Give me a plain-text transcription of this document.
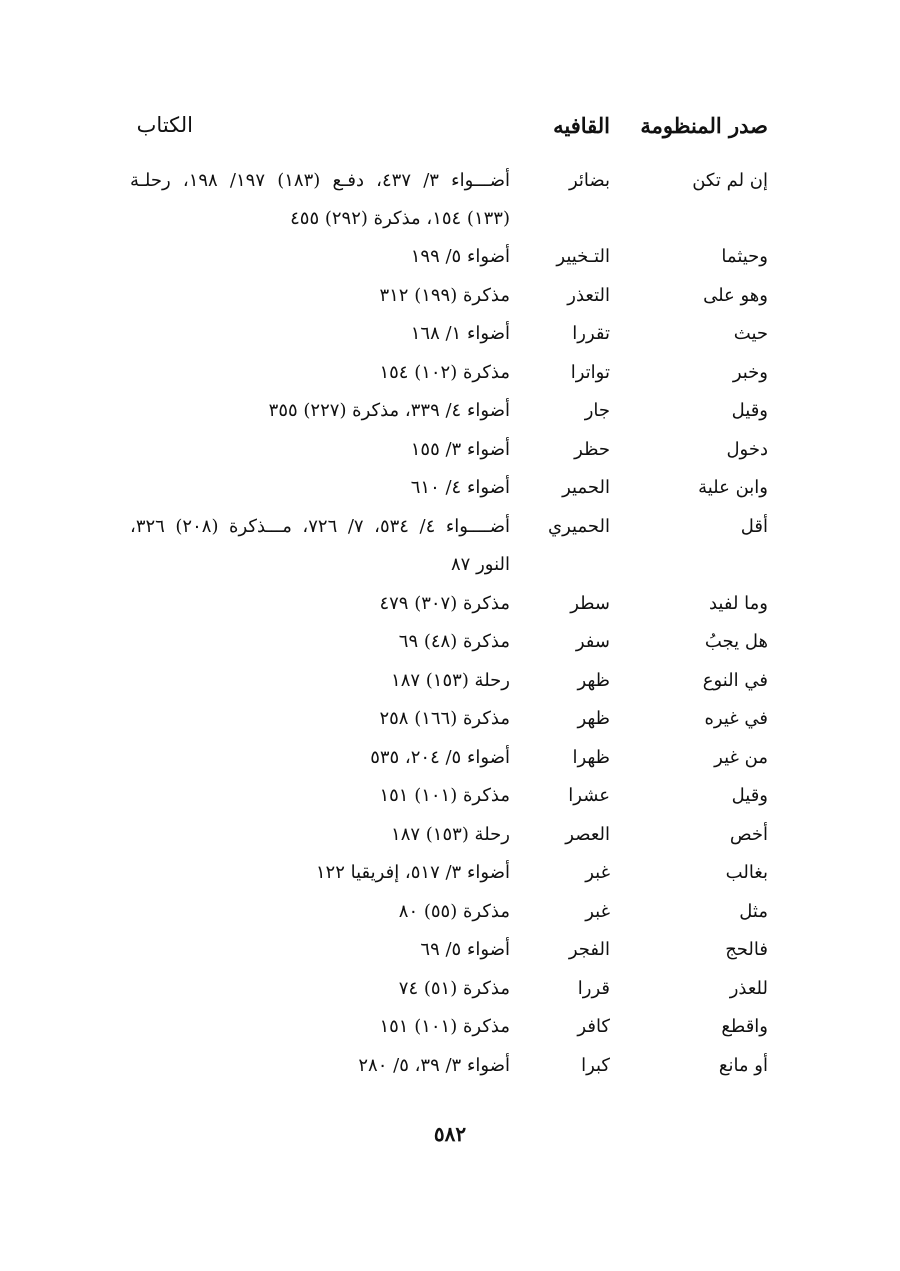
صدر المنظومة
القافيه
الكتاب
إن لم تكن
بضائر
أضـــواء ٣/ ٤٣٧، دفـع (١٨٣) ١٩٧/ ١٩٨، رحلـة (١٣٣) ١٥٤، مذكرة (٢٩٢) ٤٥٥
وحيثما
التـخيير
أضواء ٥/ ١٩٩
وهو على
التعذر
مذكرة (١٩٩) ٣١٢
حيث
تقررا
أضواء ١/ ١٦٨
وخبر
تواترا
مذكرة (١٠٢) ١٥٤
وقيل
جار
أضواء ٤/ ٣٣٩، مذكرة (٢٢٧) ٣٥٥
دخول
حظر
أضواء ٣/ ١٥٥
وابن علية
الحمير
أضواء ٤/ ٦١٠
أقل
الحميري
أضــــواء ٤/ ٥٣٤، ٧/ ٧٢٦، مـــذكرة (٢٠٨) ٣٢٦، النور ٨٧
وما لفيد
سطر
مذكرة (٣٠٧) ٤٧٩
هل يجبُ
سفر
مذكرة (٤٨) ٦٩
في النوع
ظهر
رحلة (١٥٣) ١٨٧
في غيره
ظهر
مذكرة (١٦٦) ٢٥٨
من غير
ظهرا
أضواء ٥/ ٢٠٤، ٥٣٥
وقيل
عشرا
مذكرة (١٠١) ١٥١
أخص
العصر
رحلة (١٥٣) ١٨٧
بغالب
غبر
أضواء ٣/ ٥١٧، إفريقيا ١٢٢
مثل
غبر
مذكرة (٥٥) ٨٠
فالحج
الفجر
أضواء ٥/ ٦٩
للعذر
قررا
مذكرة (٥١) ٧٤
واقطع
كافر
مذكرة (١٠١) ١٥١
أو مانع
كبرا
أضواء ٣/ ٣٩، ٥/ ٢٨٠
٥٨٢
